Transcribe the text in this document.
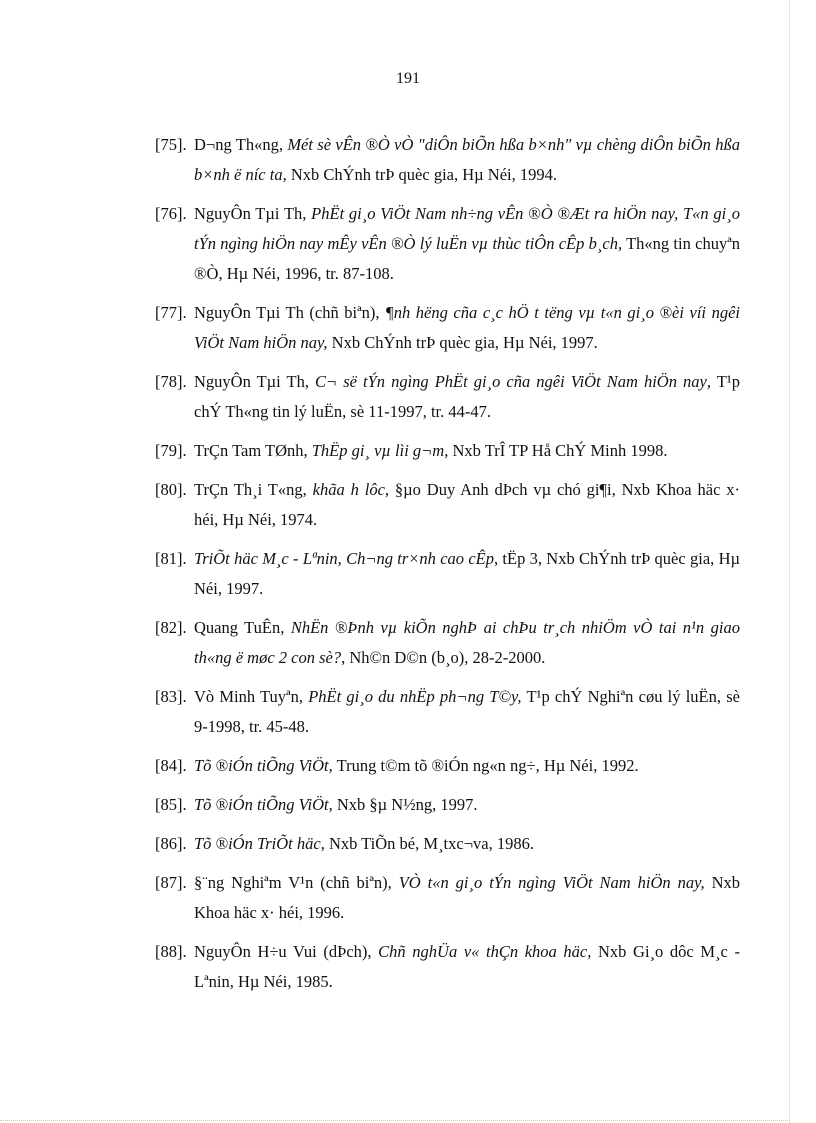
191
[75]. D¬ng Th«ng, Mét sè vÊn ®Ò vÒ "diÔn biÕn hßa b×nh" vµ chèng diÔn biÕn hßa b×nh ë níc ta, Nxb ChÝnh trÞ quèc gia, Hµ Néi, 1994.
[76]. NguyÔn Tµi Th, PhËt gi¸o ViÖt Nam nh÷ng vÊn ®Ò ®Æt ra hiÖn nay, T«n gi¸o tÝn ngìng hiÖn nay mÊy vÊn ®Ò lý luËn vµ thùc tiÔn cÊp b¸ch, Th«ng tin chuyªn ®Ò, Hµ Néi, 1996, tr. 87-108.
[77]. NguyÔn Tµi Th (chñ biªn), ¶nh hëng cña c¸c hÖ t tëng vµ t«n gi¸o ®èi víi ngêi ViÖt Nam hiÖn nay, Nxb ChÝnh trÞ quèc gia, Hµ Néi, 1997.
[78]. NguyÔn Tµi Th, C¬ së tÝn ngìng PhËt gi¸o cña ngêi ViÖt Nam hiÖn nay, T¹p chÝ Th«ng tin lý luËn, sè 11-1997, tr. 44-47.
[79]. TrÇn Tam TØnh, ThËp gi¸ vµ lìi g¬m, Nxb TrÎ TP Hå ChÝ Minh 1998.
[80]. TrÇn Th¸i T«ng, khãa h lôc, §µo Duy Anh dÞch vµ chó gi¶i, Nxb Khoa häc x· héi, Hµ Néi, 1974.
[81]. TriÕt häc M¸c - Lªnin, Ch¬ng tr×nh cao cÊp, tËp 3, Nxb ChÝnh trÞ quèc gia, Hµ Néi, 1997.
[82]. Quang TuÊn, NhËn ®Þnh vµ kiÕn nghÞ ai chÞu tr¸ch nhiÖm vÒ tai n¹n giao th«ng ë møc 2 con sè?, Nh©n D©n (b¸o), 28-2-2000.
[83]. Vò Minh Tuyªn, PhËt gi¸o du nhËp ph¬ng T©y, T¹p chÝ Nghiªn cøu lý luËn, sè 9-1998, tr. 45-48.
[84]. Tõ ®iÓn tiÕng ViÖt, Trung t©m tõ ®iÓn ng«n ng÷, Hµ Néi, 1992.
[85]. Tõ ®iÓn tiÕng ViÖt, Nxb §µ N½ng, 1997.
[86]. Tõ ®iÓn TriÕt häc, Nxb TiÕn bé, M¸txc¬va, 1986.
[87]. §¨ng Nghiªm V¹n (chñ biªn), VÒ t«n gi¸o tÝn ngìng ViÖt Nam hiÖn nay, Nxb Khoa häc x· héi, 1996.
[88]. NguyÔn H÷u Vui (dÞch), Chñ nghÜa v« thÇn khoa häc, Nxb Gi¸o dôc M¸c - Lªnin, Hµ Néi, 1985.
